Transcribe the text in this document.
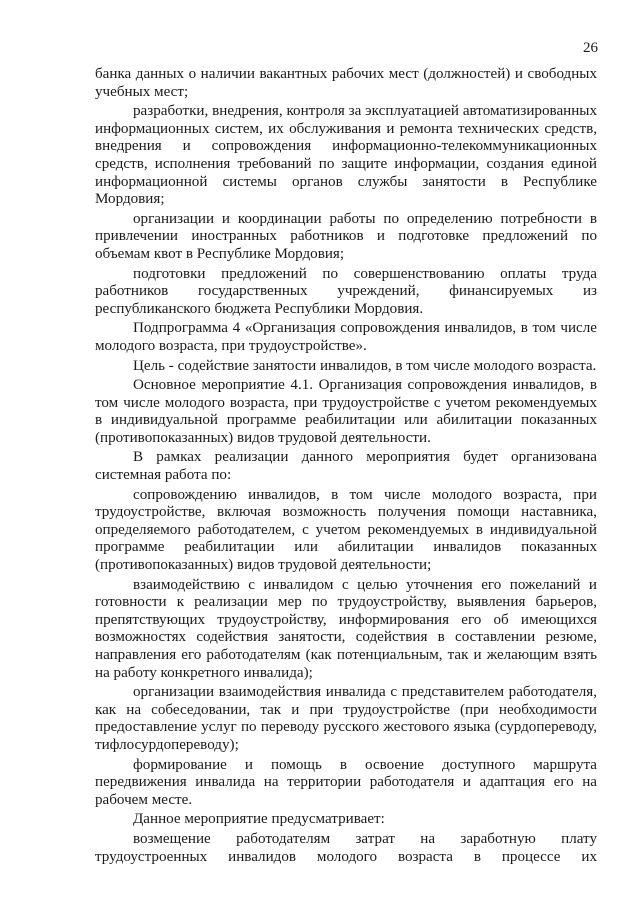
26

банка данных о наличии вакантных рабочих мест (должностей) и свободных учебных мест;

разработки, внедрения, контроля за эксплуатацией автоматизированных информационных систем, их обслуживания и ремонта технических средств, внедрения и сопровождения информационно-телекоммуникационных средств, исполнения требований по защите информации, создания единой информационной системы органов службы занятости в Республике Мордовия;

организации и координации работы по определению потребности в привлечении иностранных работников и подготовке предложений по объемам квот в Республике Мордовия;

подготовки предложений по совершенствованию оплаты труда работников государственных учреждений, финансируемых из республиканского бюджета Республики Мордовия.

Подпрограмма 4 «Организация сопровождения инвалидов, в том числе молодого возраста, при трудоустройстве».

Цель - содействие занятости инвалидов, в том числе молодого возраста.

Основное мероприятие 4.1. Организация сопровождения инвалидов, в том числе молодого возраста, при трудоустройстве с учетом рекомендуемых в индивидуальной программе реабилитации или абилитации показанных (противопоказанных) видов трудовой деятельности.

В рамках реализации данного мероприятия будет организована системная работа по:

сопровождению инвалидов, в том числе молодого возраста, при трудоустройстве, включая возможность получения помощи наставника, определяемого работодателем, с учетом рекомендуемых в индивидуальной программе реабилитации или абилитации инвалидов показанных (противопоказанных) видов трудовой деятельности;

взаимодействию с инвалидом с целью уточнения его пожеланий и готовности к реализации мер по трудоустройству, выявления барьеров, препятствующих трудоустройству, информирования его об имеющихся возможностях содействия занятости, содействия в составлении резюме, направления его работодателям (как потенциальным, так и желающим взять на работу конкретного инвалида);

организации взаимодействия инвалида с представителем работодателя, как на собеседовании, так и при трудоустройстве (при необходимости предоставление услуг по переводу русского жестового языка (сурдопереводу, тифлосурдопереводу);

формирование и помощь в освоение доступного маршрута передвижения инвалида на территории работодателя и адаптация его на рабочем месте.

Данное мероприятие предусматривает:

возмещение работодателям затрат на заработную плату трудоустроенных инвалидов молодого возраста в процессе их
